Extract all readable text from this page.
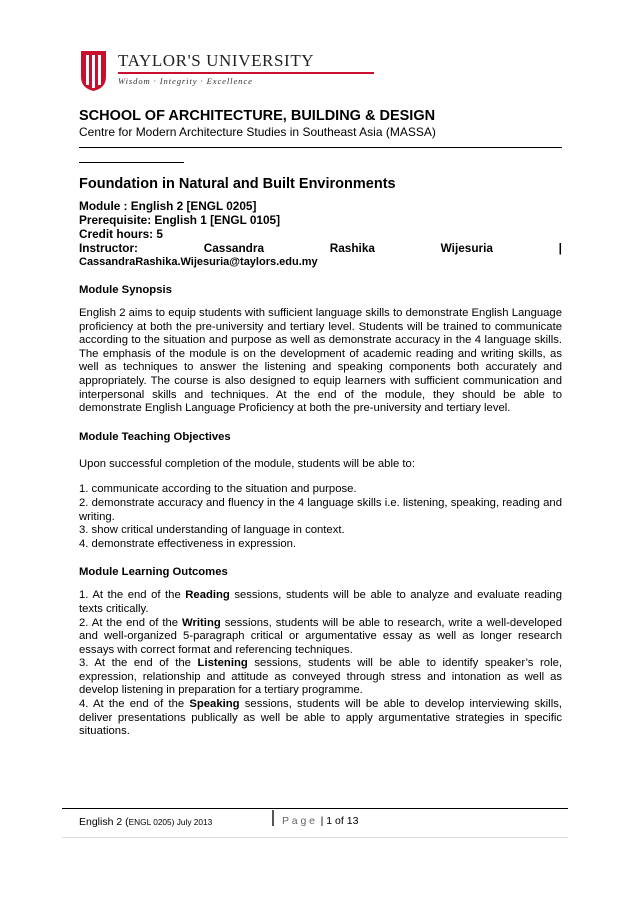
TAYLOR'S UNIVERSITY
Wisdom · Integrity · Excellence

SCHOOL OF ARCHITECTURE, BUILDING & DESIGN

Centre for Modern Architecture Studies in Southeast Asia (MASSA)

Foundation in Natural and Built Environments

Module : English 2 [ENGL 0205]

Prerequisite: English 1 [ENGL 0105]

Credit hours: 5

Instructor:	Cassandra	Rashika	Wijesuria	|

CassandraRashika.Wijesuria@taylors.edu.my

Module Synopsis

English 2 aims to equip students with sufficient language skills to demonstrate English Language proficiency at both the pre-university and tertiary level. Students will be trained to communicate according to the situation and purpose as well as demonstrate accuracy in the 4 language skills. The emphasis of the module is on the development of academic reading and writing skills, as well as techniques to answer the listening and speaking components both accurately and appropriately. The course is also designed to equip learners with sufficient communication and interpersonal skills and techniques. At the end of the module, they should be able to demonstrate English Language Proficiency at both the pre-university and tertiary level.

Module Teaching Objectives

Upon successful completion of the module, students will be able to:

1. communicate according to the situation and purpose.

2. demonstrate accuracy and fluency in the 4 language skills i.e. listening, speaking, reading and writing.

3. show critical understanding of language in context.

4. demonstrate effectiveness in expression.

Module Learning Outcomes

1. At the end of the Reading sessions, students will be able to analyze and evaluate reading texts critically.

2. At the end of the Writing sessions, students will be able to research, write a well-developed and well-organized 5-paragraph critical or argumentative essay as well as longer research essays with correct format and referencing techniques.

3. At the end of the Listening sessions, students will be able to identify speaker’s role, expression, relationship and attitude as conveyed through stress and intonation as well as develop listening in preparation for a tertiary programme.

4. At the end of the Speaking sessions, students will be able to develop interviewing skills, deliver presentations publically as well be able to apply argumentative strategies in specific situations.

English 2 (ENGL 0205) July 2013	Page | 1 of 13
